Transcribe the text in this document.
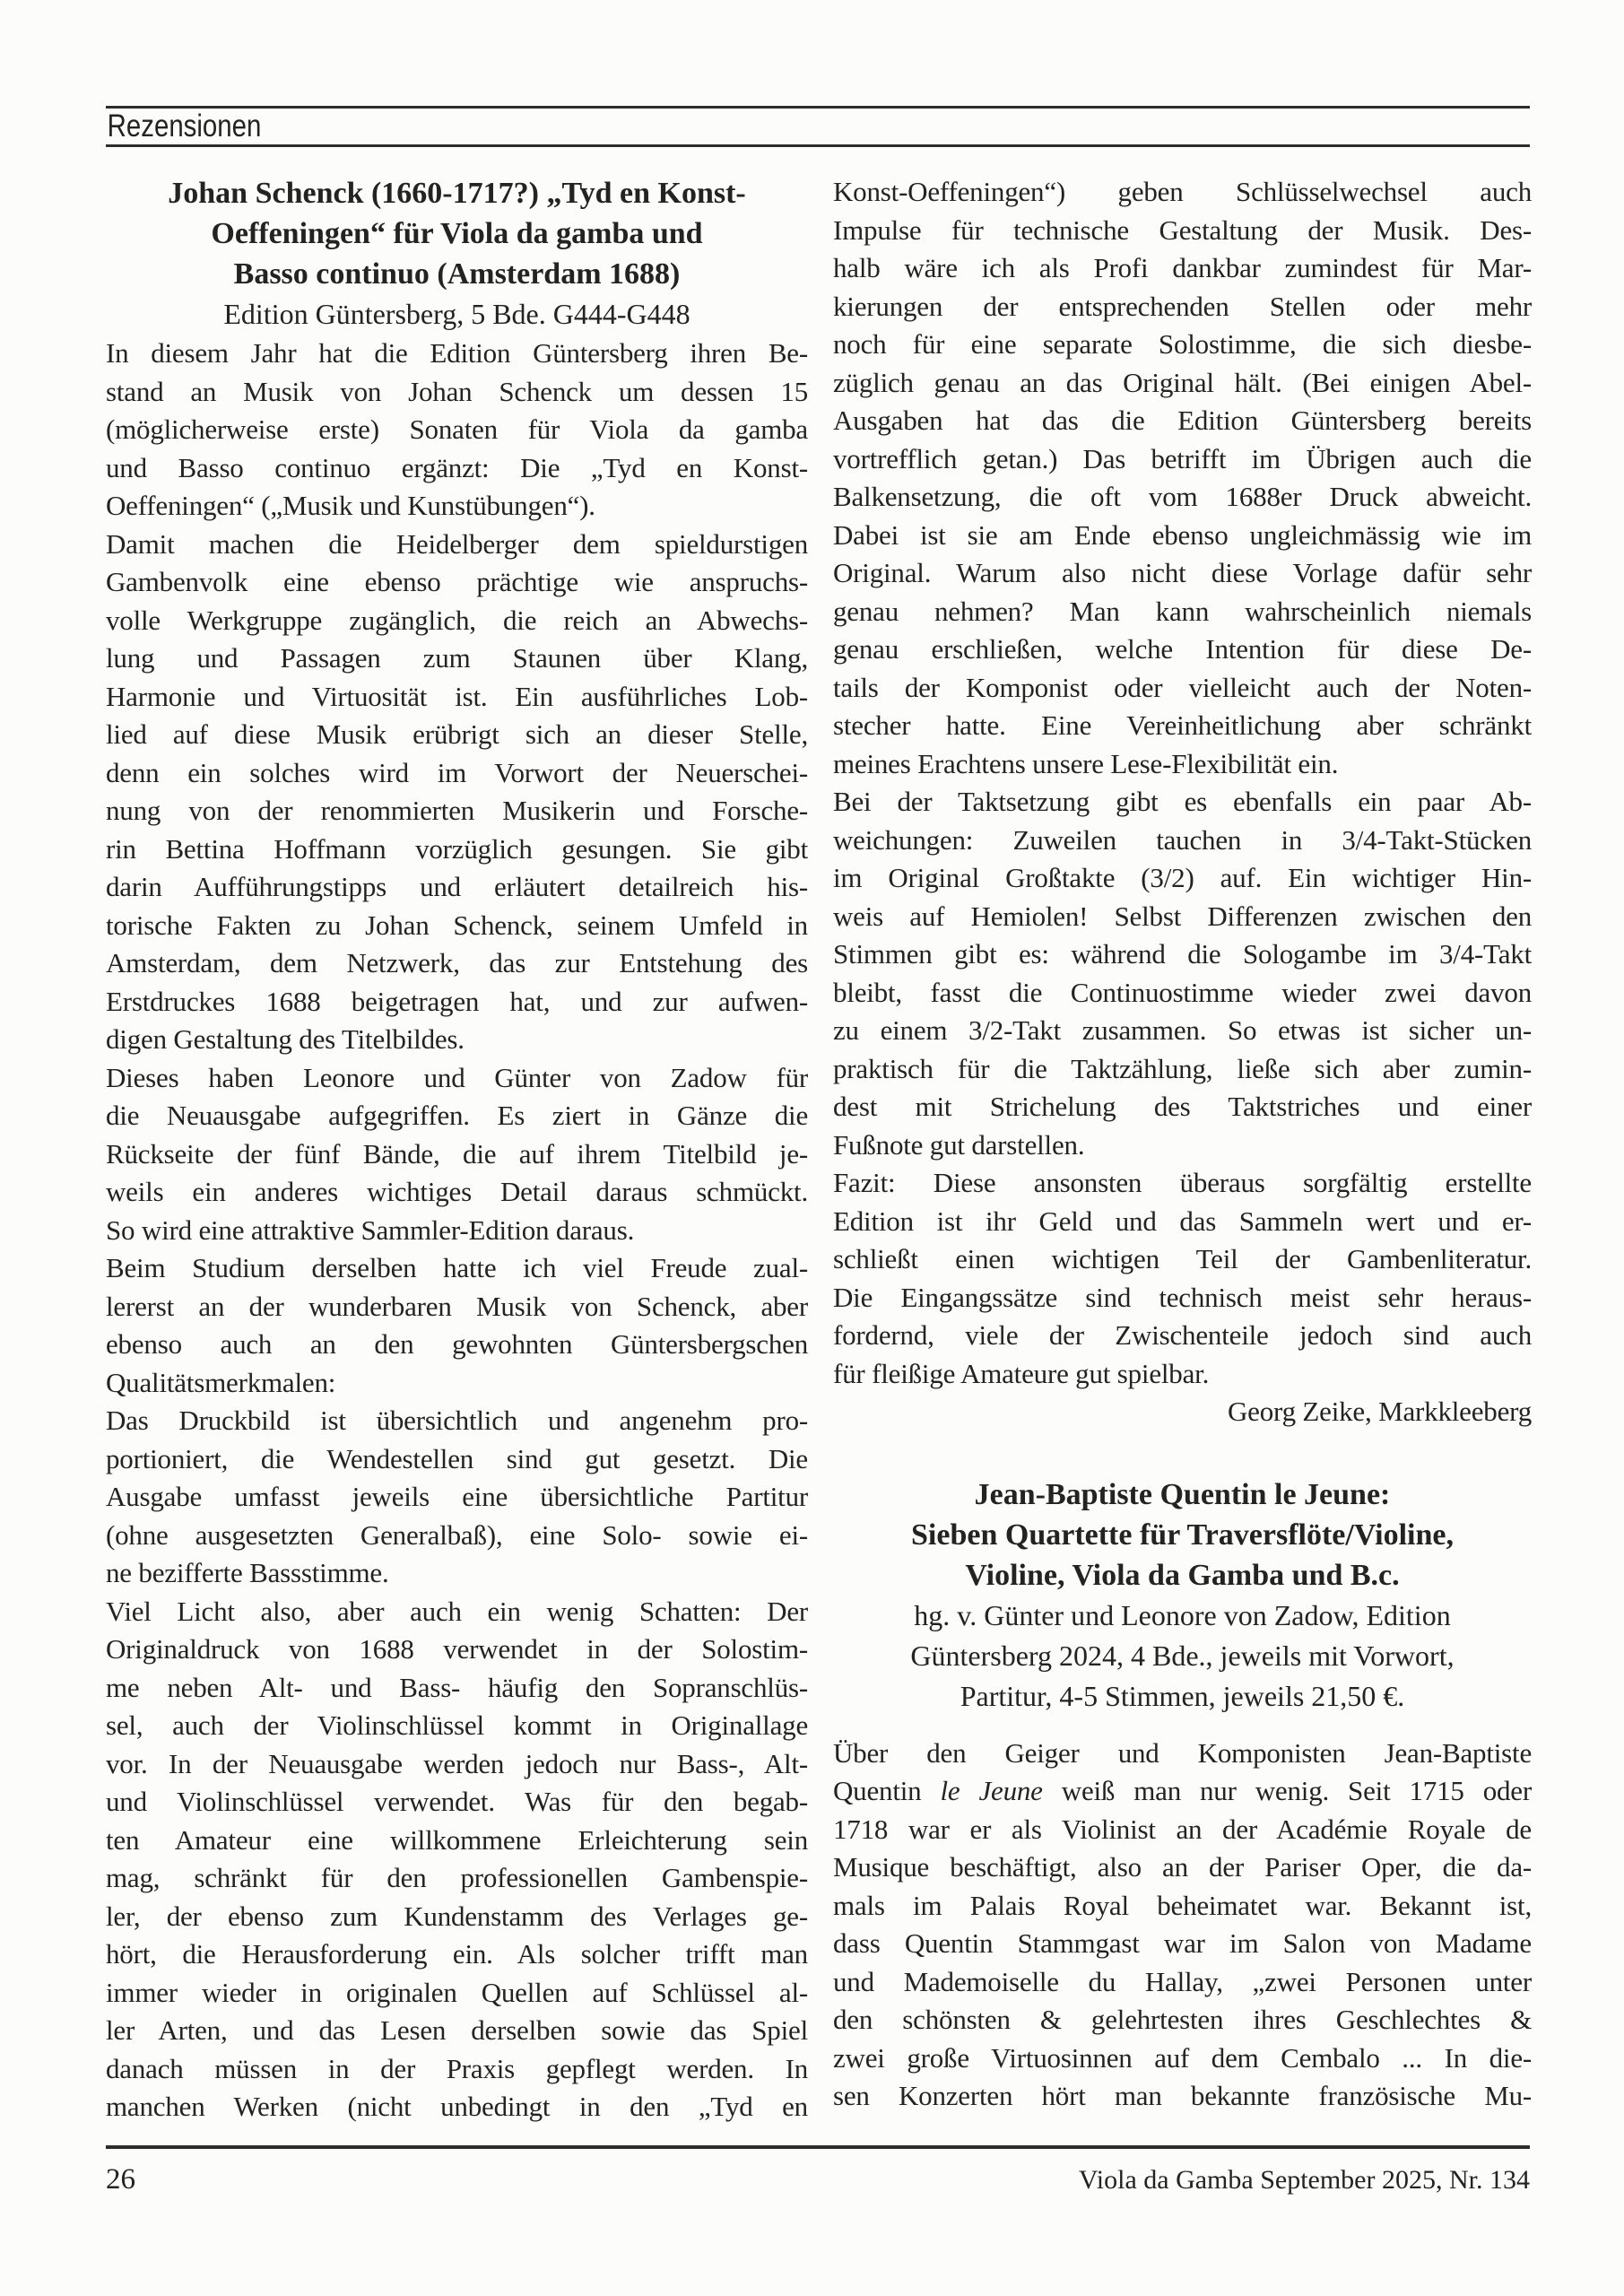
Rezensionen
Johan Schenck (1660-1717?) „Tyd en Konst-
Oeffeningen“ für Viola da gamba und
Basso continuo (Amsterdam 1688)
Edition Güntersberg, 5 Bde. G444-G448
In diesem Jahr hat die Edition Güntersberg ihren Be-
stand an Musik von Johan Schenck um dessen 15
(möglicherweise erste) Sonaten für Viola da gamba
und Basso continuo ergänzt: Die „Tyd en Konst-
Oeffeningen“ („Musik und Kunstübungen“).
Damit machen die Heidelberger dem spieldurstigen
Gambenvolk eine ebenso prächtige wie anspruchs-
volle Werkgruppe zugänglich, die reich an Abwechs-
lung und Passagen zum Staunen über Klang,
Harmonie und Virtuosität ist. Ein ausführliches Lob-
lied auf diese Musik erübrigt sich an dieser Stelle,
denn ein solches wird im Vorwort der Neuerschei-
nung von der renommierten Musikerin und Forsche-
rin Bettina Hoffmann vorzüglich gesungen. Sie gibt
darin Aufführungstipps und erläutert detailreich his-
torische Fakten zu Johan Schenck, seinem Umfeld in
Amsterdam, dem Netzwerk, das zur Entstehung des
Erstdruckes 1688 beigetragen hat, und zur aufwen-
digen Gestaltung des Titelbildes.
Dieses haben Leonore und Günter von Zadow für
die Neuausgabe aufgegriffen. Es ziert in Gänze die
Rückseite der fünf Bände, die auf ihrem Titelbild je-
weils ein anderes wichtiges Detail daraus schmückt.
So wird eine attraktive Sammler-Edition daraus.
Beim Studium derselben hatte ich viel Freude zual-
lererst an der wunderbaren Musik von Schenck, aber
ebenso auch an den gewohnten Güntersbergschen
Qualitätsmerkmalen:
Das Druckbild ist übersichtlich und angenehm pro-
portioniert, die Wendestellen sind gut gesetzt. Die
Ausgabe umfasst jeweils eine übersichtliche Partitur
(ohne ausgesetzten Generalbaß), eine Solo- sowie ei-
ne bezifferte Bassstimme.
Viel Licht also, aber auch ein wenig Schatten: Der
Originaldruck von 1688 verwendet in der Solostim-
me neben Alt- und Bass- häufig den Sopranschlüs-
sel, auch der Violinschlüssel kommt in Originallage
vor. In der Neuausgabe werden jedoch nur Bass-, Alt-
und Violinschlüssel verwendet. Was für den begab-
ten Amateur eine willkommene Erleichterung sein
mag, schränkt für den professionellen Gambenspie-
ler, der ebenso zum Kundenstamm des Verlages ge-
hört, die Herausforderung ein. Als solcher trifft man
immer wieder in originalen Quellen auf Schlüssel al-
ler Arten, und das Lesen derselben sowie das Spiel
danach müssen in der Praxis gepflegt werden. In
manchen Werken (nicht unbedingt in den „Tyd en
Konst-Oeffeningen“) geben Schlüsselwechsel auch
Impulse für technische Gestaltung der Musik. Des-
halb wäre ich als Profi dankbar zumindest für Mar-
kierungen der entsprechenden Stellen oder mehr
noch für eine separate Solostimme, die sich diesbe-
züglich genau an das Original hält. (Bei einigen Abel-
Ausgaben hat das die Edition Güntersberg bereits
vortrefflich getan.) Das betrifft im Übrigen auch die
Balkensetzung, die oft vom 1688er Druck abweicht.
Dabei ist sie am Ende ebenso ungleichmässig wie im
Original. Warum also nicht diese Vorlage dafür sehr
genau nehmen? Man kann wahrscheinlich niemals
genau erschließen, welche Intention für diese De-
tails der Komponist oder vielleicht auch der Noten-
stecher hatte. Eine Vereinheitlichung aber schränkt
meines Erachtens unsere Lese-Flexibilität ein.
Bei der Taktsetzung gibt es ebenfalls ein paar Ab-
weichungen: Zuweilen tauchen in 3/4-Takt-Stücken
im Original Großtakte (3/2) auf. Ein wichtiger Hin-
weis auf Hemiolen! Selbst Differenzen zwischen den
Stimmen gibt es: während die Sologambe im 3/4-Takt
bleibt, fasst die Continuostimme wieder zwei davon
zu einem 3/2-Takt zusammen. So etwas ist sicher un-
praktisch für die Taktzählung, ließe sich aber zumin-
dest mit Strichelung des Taktstriches und einer
Fußnote gut darstellen.
Fazit: Diese ansonsten überaus sorgfältig erstellte
Edition ist ihr Geld und das Sammeln wert und er-
schließt einen wichtigen Teil der Gambenliteratur.
Die Eingangssätze sind technisch meist sehr heraus-
fordernd, viele der Zwischenteile jedoch sind auch
für fleißige Amateure gut spielbar.
Georg Zeike, Markkleeberg
Jean-Baptiste Quentin le Jeune:
Sieben Quartette für Traversflöte/Violine,
Violine, Viola da Gamba und B.c.
hg. v. Günter und Leonore von Zadow, Edition
Güntersberg 2024, 4 Bde., jeweils mit Vorwort,
Partitur, 4-5 Stimmen, jeweils 21,50 €.
Über den Geiger und Komponisten Jean-Baptiste
Quentin le Jeune weiß man nur wenig. Seit 1715 oder
1718 war er als Violinist an der Académie Royale de
Musique beschäftigt, also an der Pariser Oper, die da-
mals im Palais Royal beheimatet war. Bekannt ist,
dass Quentin Stammgast war im Salon von Madame
und Mademoiselle du Hallay, „zwei Personen unter
den schönsten & gelehrtesten ihres Geschlechtes &
zwei große Virtuosinnen auf dem Cembalo ... In die-
sen Konzerten hört man bekannte französische Mu-
26	Viola da Gamba September 2025, Nr. 134
